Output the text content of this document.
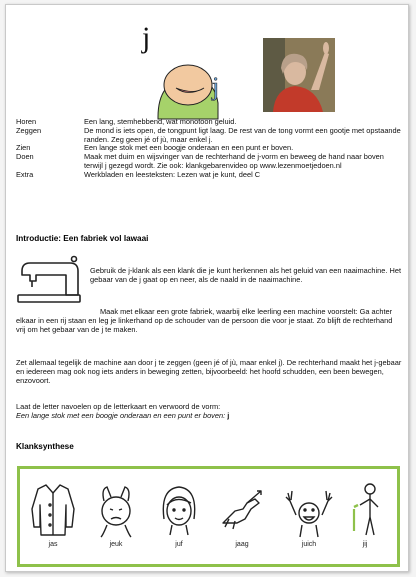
j
j
Horen	Een lang, stemhebbend, wat monotoon geluid.
Zeggen	De mond is iets open, de tongpunt ligt laag. De rest van de tong vormt een gootje met opstaande randen. Zeg geen jé of jù, maar enkel j.
Zien	Een lange stok met een boogje onderaan en een punt er boven.
Doen	Maak met duim en wijsvinger van de rechterhand de j-vorm en beweeg de hand naar boven terwijl j gezegd wordt. Zie ook: klankgebarenvideo op www.lezenmoetjedoen.nl
Extra	Werkbladen en leesteksten: Lezen wat je kunt, deel C
Introductie: Een fabriek vol lawaai
Gebruik de j-klank als een klank die je kunt herkennen als het geluid van een naaimachine. Het gebaar van de j gaat op en neer, als de naald in de naaimachine.
Maak met elkaar een grote fabriek, waarbij elke leerling een machine voorstelt: Ga achter elkaar in een rij staan en leg je linkerhand op de schouder van de persoon die voor je staat. Zo blijft de rechterhand vrij om het gebaar van de j te maken.
Zet allemaal tegelijk de machine aan door j te zeggen (geen jé of jù, maar enkel j). De rechterhand maakt het j-gebaar en iedereen mag ook nog iets anders in beweging zetten, bijvoorbeeld: het hoofd schudden, een been bewegen, enzovoort.
Laat de letter navoelen op de letterkaart en verwoord de vorm:
Een lange stok met een boogje onderaan en een punt er boven: j
Klanksynthese
jas	jeuk	juf	jaag	juich	jij
